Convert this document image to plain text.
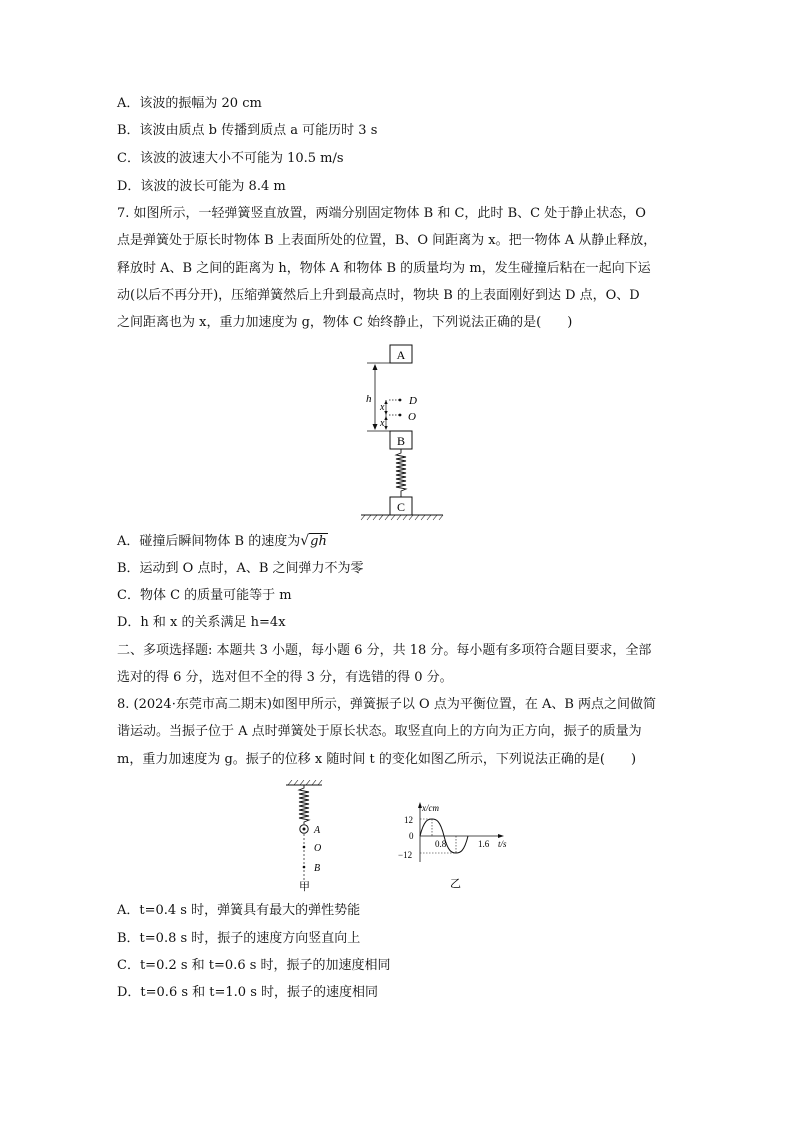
A．该波的振幅为 20 cm
B．该波由质点 b 传播到质点 a 可能历时 3 s
C．该波的波速大小不可能为 10.5 m/s
D．该波的波长可能为 8.4 m
7. 如图所示，一轻弹簧竖直放置，两端分别固定物体 B 和 C，此时 B、C 处于静止状态，O
点是弹簧处于原长时物体 B 上表面所处的位置，B、O 间距离为 x。把一物体 A 从静止释放，
释放时 A、B 之间的距离为 h，物体 A 和物体 B 的质量均为 m，发生碰撞后粘在一起向下运
动(以后不再分开)，压缩弹簧然后上升到最高点时，物块 B 的上表面刚好到达 D 点，O、D
之间距离也为 x，重力加速度为 g，物体 C 始终静止，下列说法正确的是(　　)
A
h
x
x
D
O
B
C
A．碰撞后瞬间物体 B 的速度为√gh
B．运动到 O 点时，A、B 之间弹力不为零
C．物体 C 的质量可能等于 m
D．h 和 x 的关系满足 h=4x
二、多项选择题: 本题共 3 小题，每小题 6 分，共 18 分。每小题有多项符合题目要求，全部
选对的得 6 分，选对但不全的得 3 分，有选错的得 0 分。
8. (2024·东莞市高二期末)如图甲所示，弹簧振子以 O 点为平衡位置，在 A、B 两点之间做简
谐运动。当振子位于 A 点时弹簧处于原长状态。取竖直向上的方向为正方向，振子的质量为
m，重力加速度为 g。振子的位移 x 随时间 t 的变化如图乙所示，下列说法正确的是(　　)
A
O
B
甲
x/cm
t/s
12
0
−12
0.8	1.6
乙
A．t=0.4 s 时，弹簧具有最大的弹性势能
B．t=0.8 s 时，振子的速度方向竖直向上
C．t=0.2 s 和 t=0.6 s 时，振子的加速度相同
D．t=0.6 s 和 t=1.0 s 时，振子的速度相同
